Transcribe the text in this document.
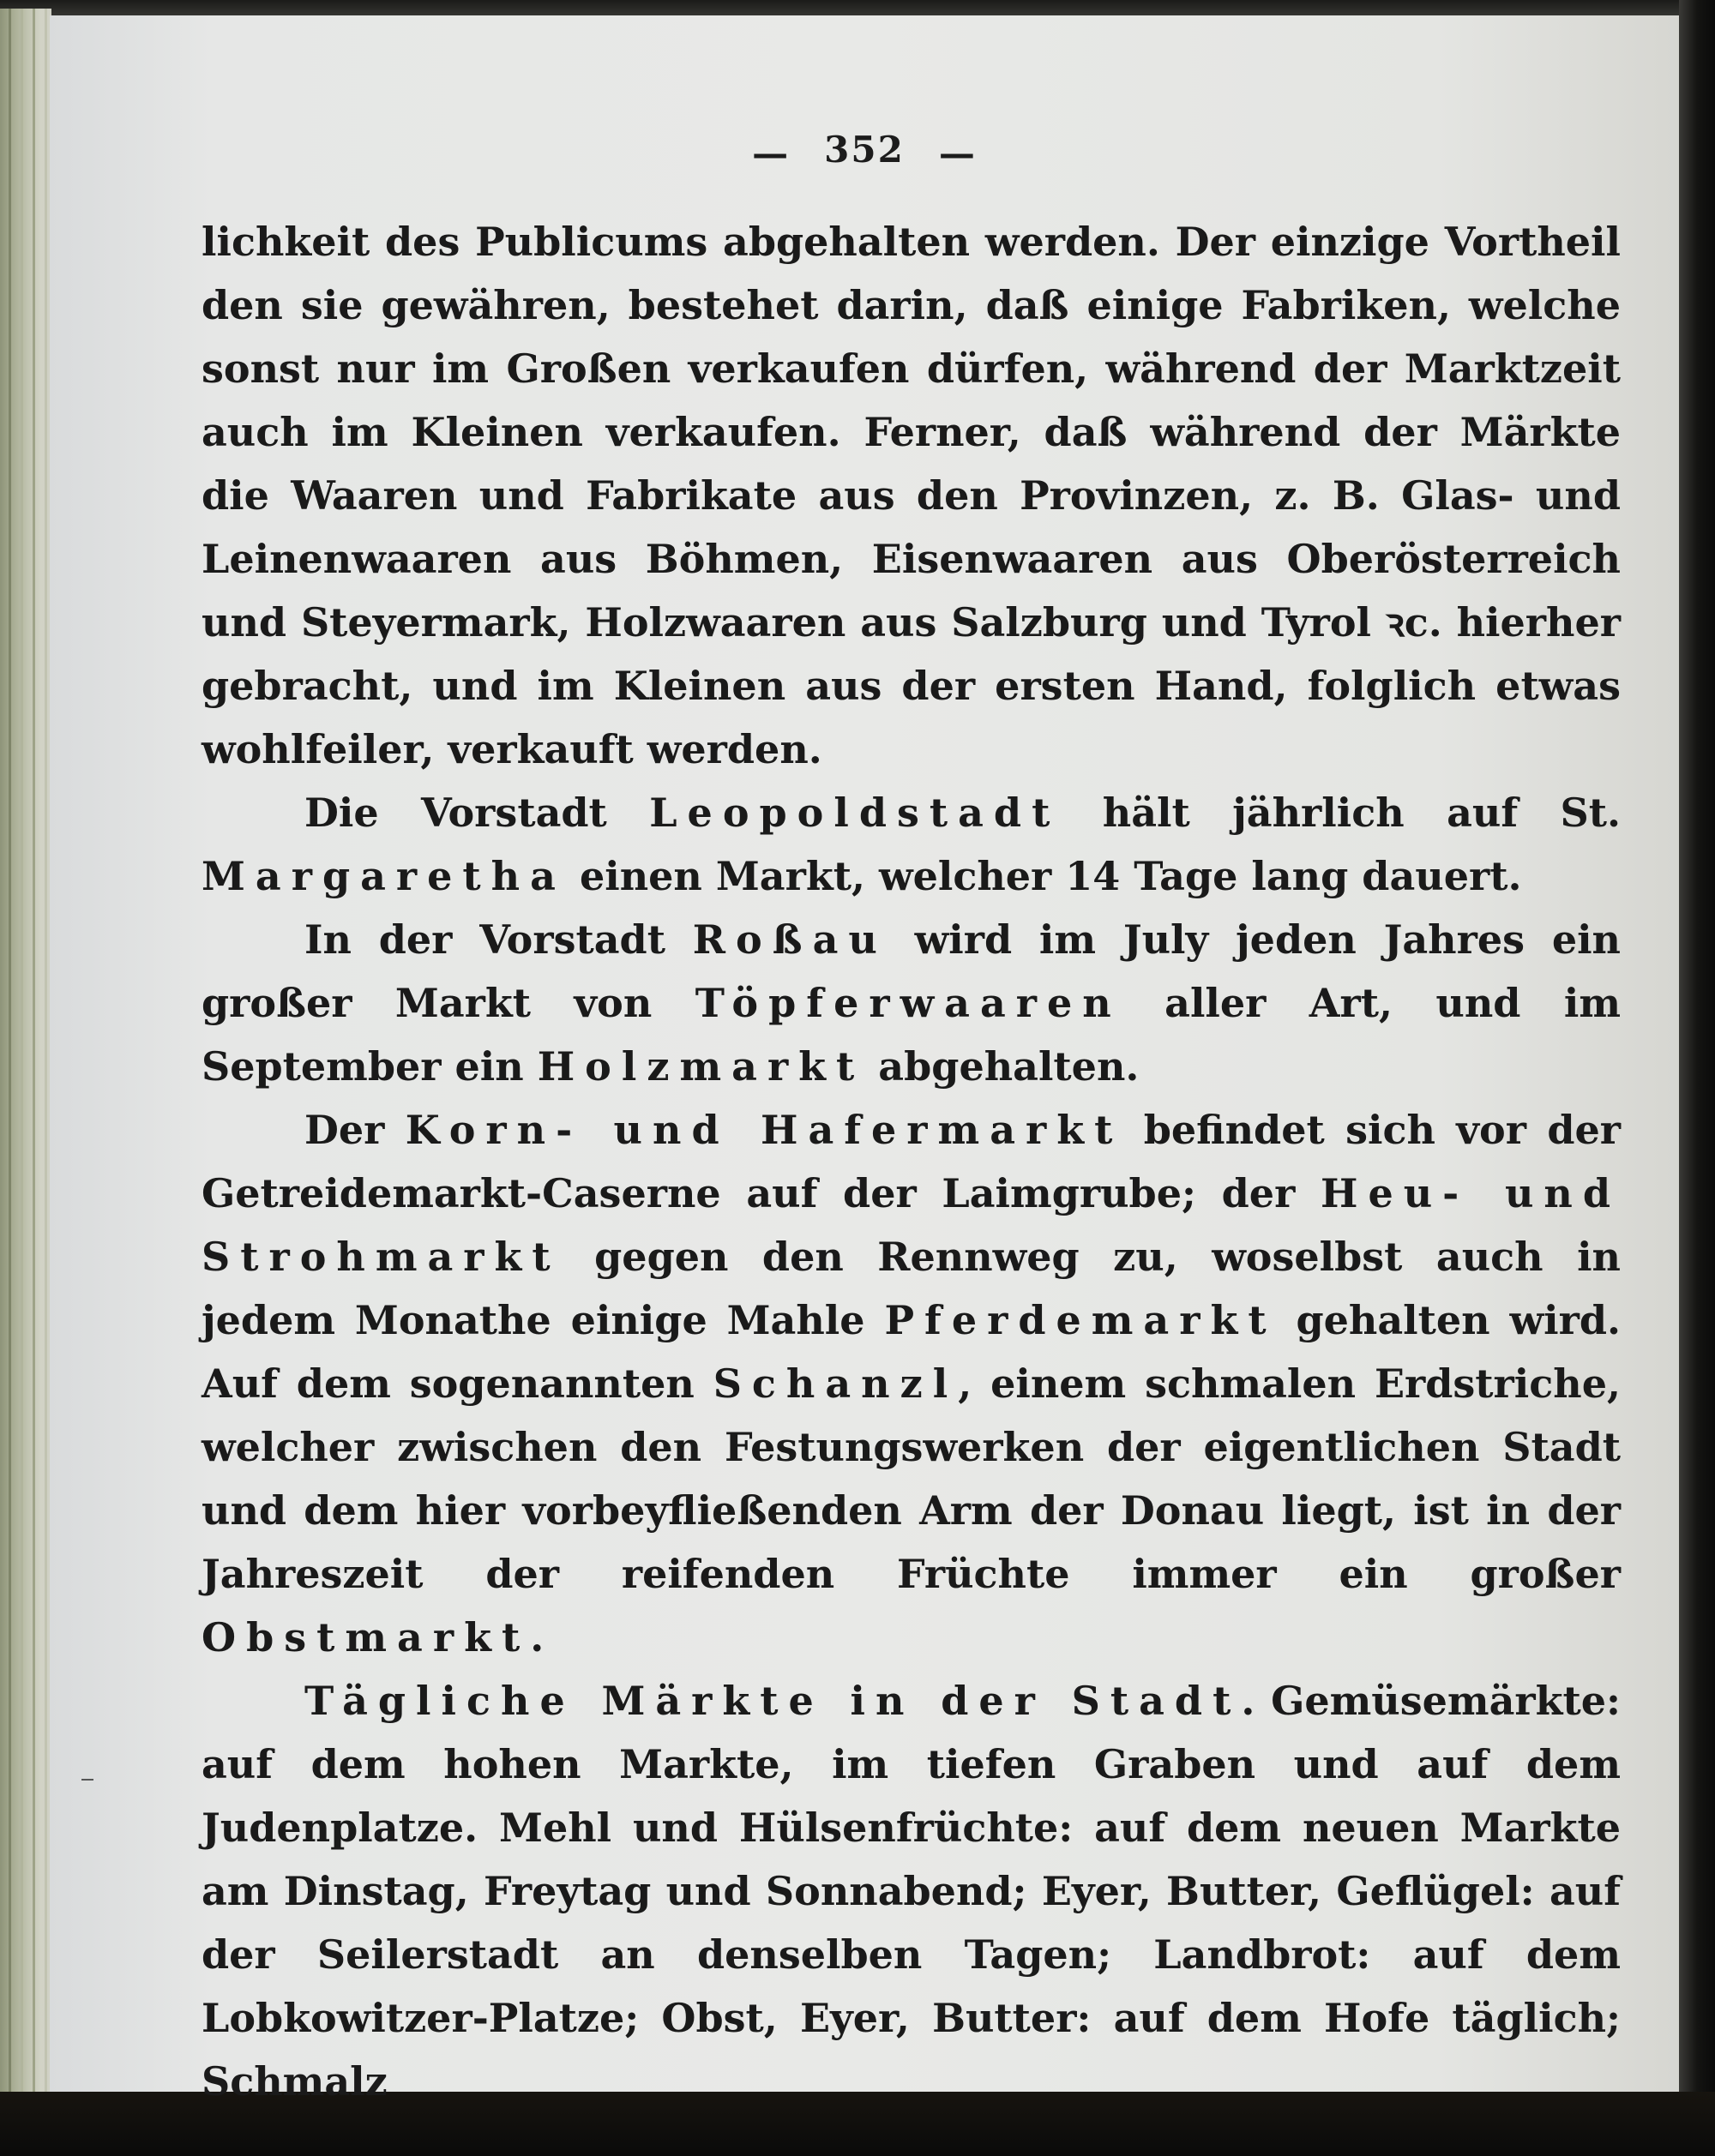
— 352 —

lichkeit des Publicums abgehalten werden. Der einzige Vortheil den sie gewähren, bestehet darin, daß einige Fabriken, welche sonst nur im Großen verkaufen dürfen, während der Marktzeit auch im Kleinen verkaufen. Ferner, daß während der Märkte die Waaren und Fabrikate aus den Provinzen, z. B. Glas- und Leinenwaaren aus Böhmen, Eisenwaaren aus Oberösterreich und Steyermark, Holzwaaren aus Salzburg und Tyrol ꝛc. hierher gebracht, und im Kleinen aus der ersten Hand, folglich etwas wohlfeiler, verkauft werden.

Die Vorstadt Leopoldstadt hält jährlich auf St. Margaretha einen Markt, welcher 14 Tage lang dauert.

In der Vorstadt Roßau wird im July jeden Jahres ein großer Markt von Töpferwaaren aller Art, und im September ein Holzmarkt abgehalten.

Der Korn- und Hafermarkt befindet sich vor der Getreidemarkt-Caserne auf der Laimgrube; der Heu- und Strohmarkt gegen den Rennweg zu, woselbst auch in jedem Monathe einige Mahle Pferdemarkt gehalten wird. Auf dem sogenannten Schanzl, einem schmalen Erdstriche, welcher zwischen den Festungswerken der eigentlichen Stadt und dem hier vorbeyfließenden Arm der Donau liegt, ist in der Jahreszeit der reifenden Früchte immer ein großer Obstmarkt.

Tägliche Märkte in der Stadt. Gemüsemärkte: auf dem hohen Markte, im tiefen Graben und auf dem Judenplatze. Mehl und Hülsenfrüchte: auf dem neuen Markte am Dinstag, Freytag und Sonnabend; Eyer, Butter, Geflügel: auf der Seilerstadt an denselben Tagen; Landbrot: auf dem Lobkowitzer-Platze; Obst, Eyer, Butter: auf dem Hofe täglich; Schmalz
